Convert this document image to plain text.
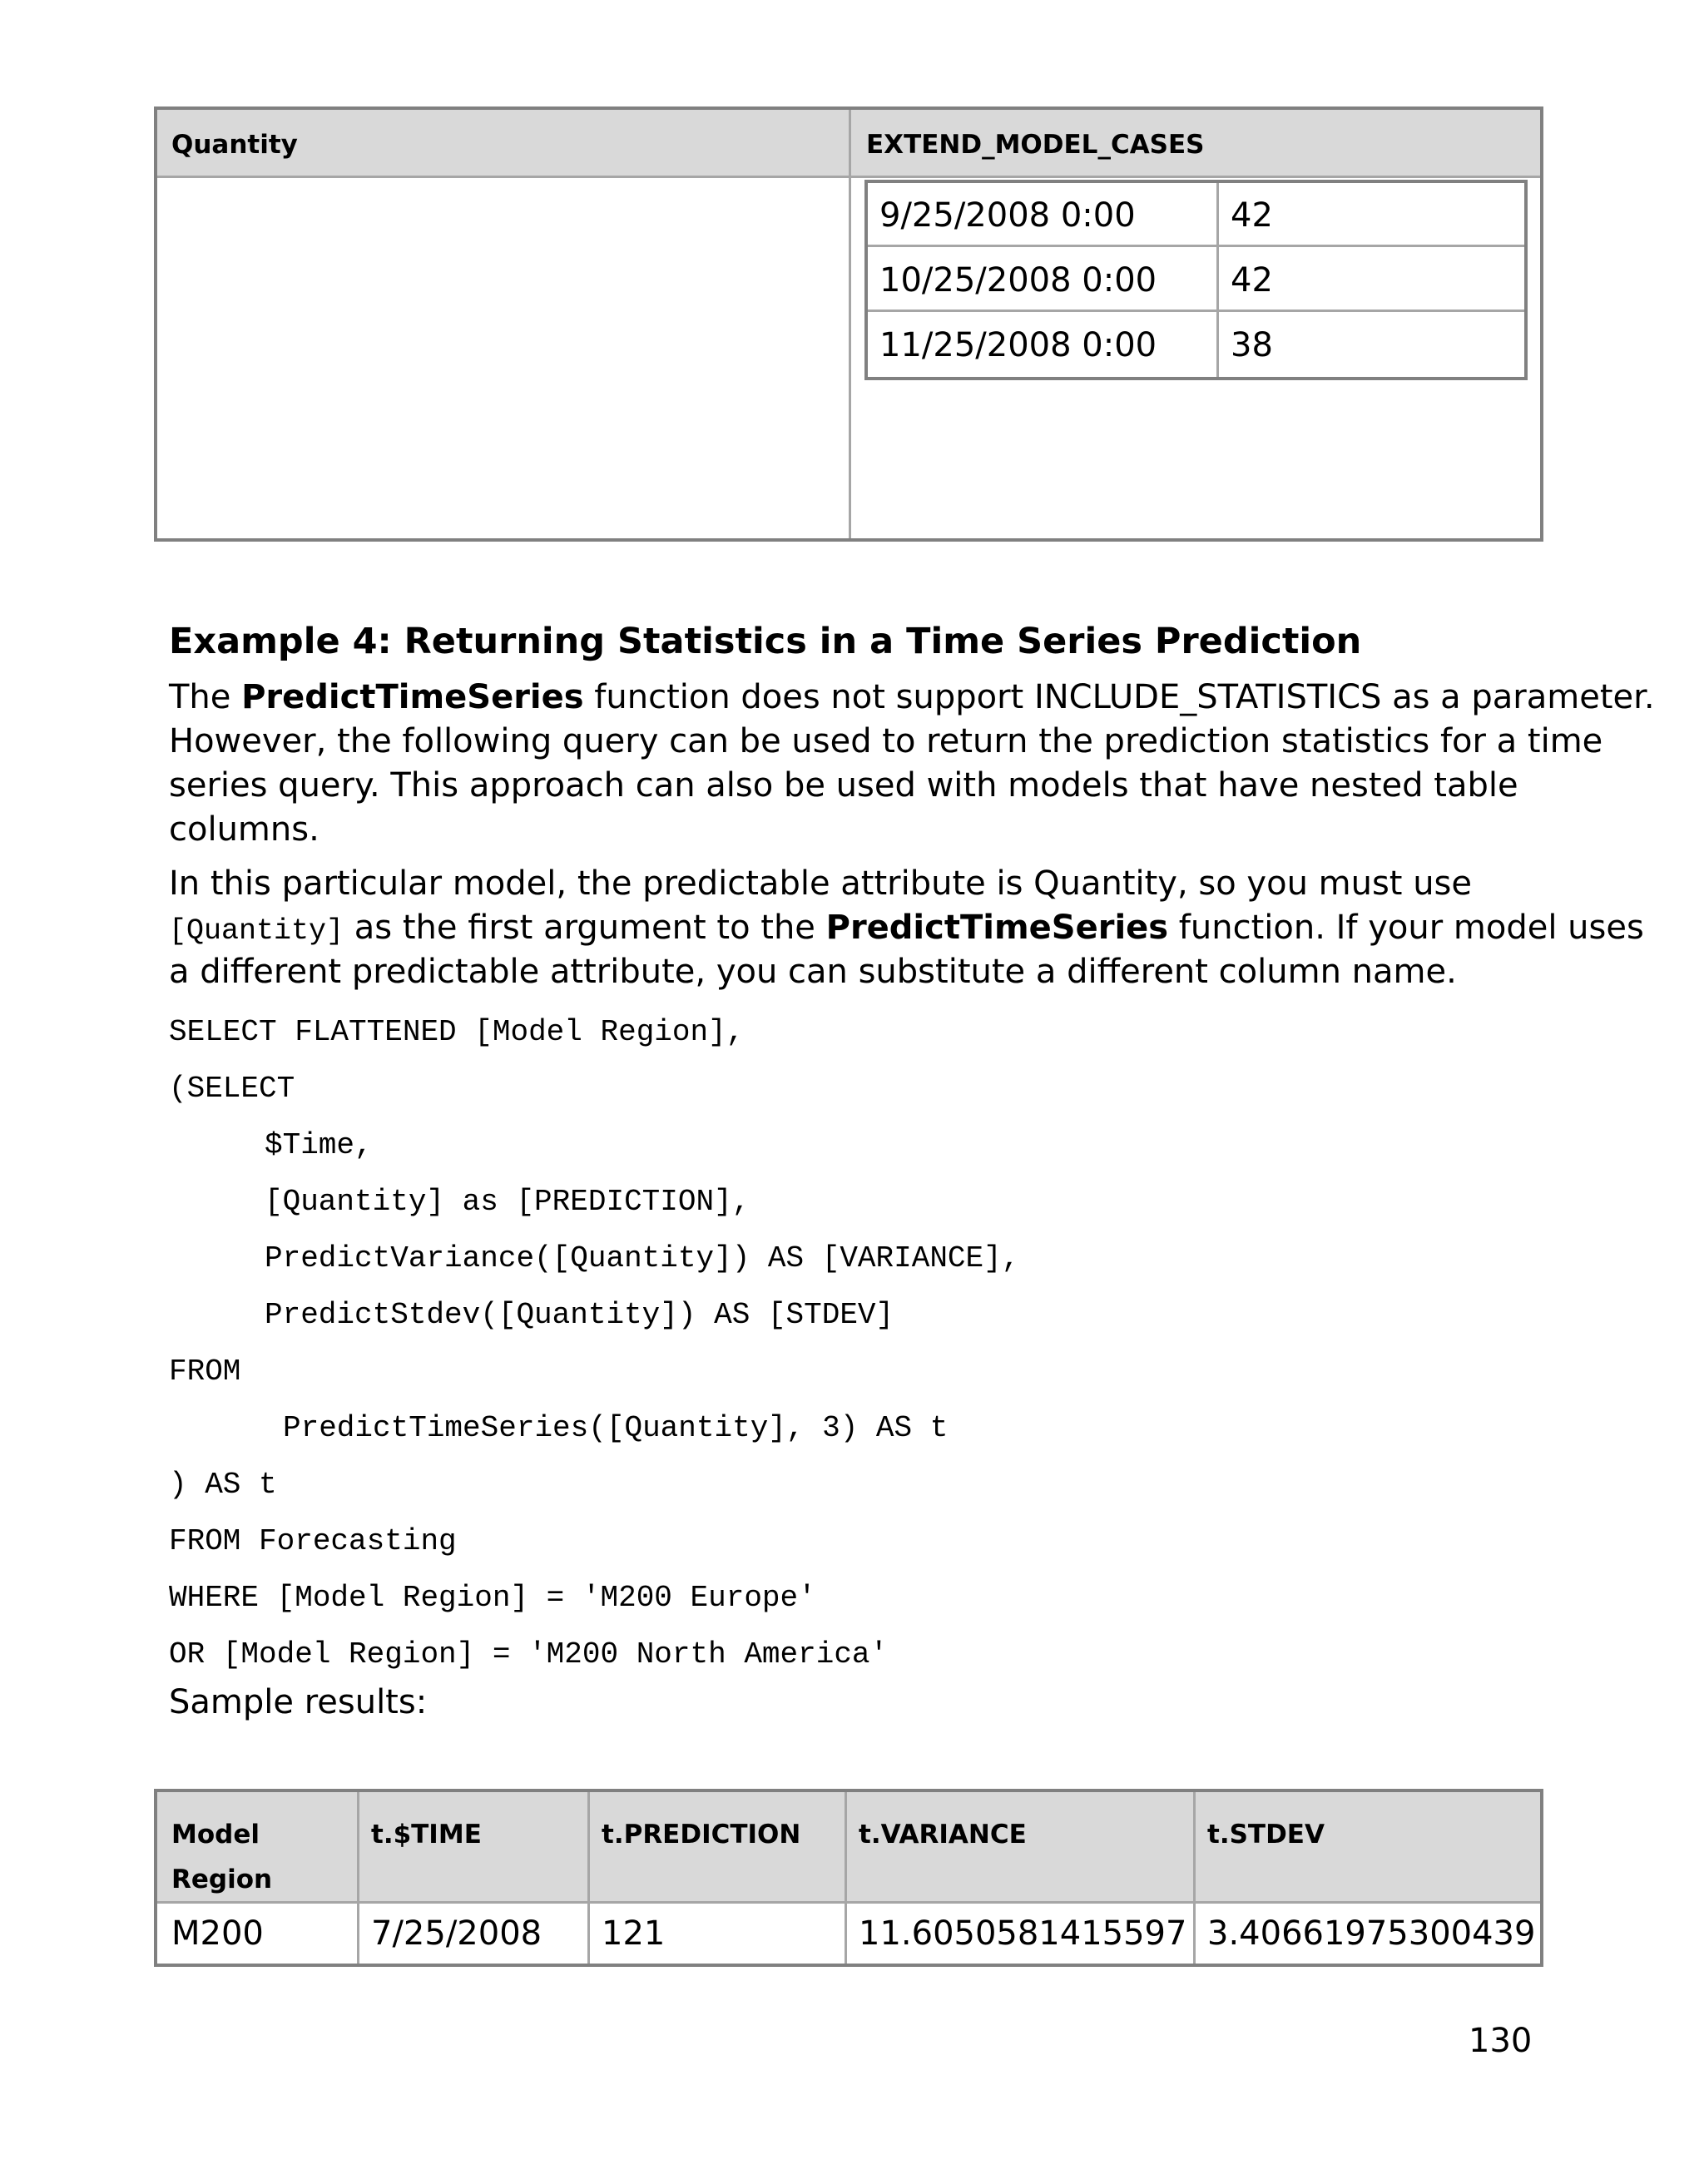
Quantity	EXTEND_MODEL_CASES
9/25/2008 0:00	42
10/25/2008 0:00 42
11/25/2008 0:00 38
Example 4: Returning Statistics in a Time Series Prediction
The PredictTimeSeries function does not support INCLUDE_STATISTICS as a parameter.
However, the following query can be used to return the prediction statistics for a time
series query. This approach can also be used with models that have nested table
columns.
In this particular model, the predictable attribute is Quantity, so you must use
[Quantity] as the first argument to the PredictTimeSeries function. If your model uses
a different predictable attribute, you can substitute a different column name.
SELECT FLATTENED [Model Region],
(SELECT
$Time,
[Quantity] as [PREDICTION],
PredictVariance([Quantity]) AS [VARIANCE],
PredictStdev([Quantity]) AS [STDEV]
FROM
PredictTimeSeries([Quantity], 3) AS t
) AS t
FROM Forecasting
WHERE [Model Region] = 'M200 Europe'
OR [Model Region] = 'M200 North America'
Sample results:
Model
Region
t.$TIME	t.PREDICTION t.VARIANCE	t.STDEV
M200	7/25/2008 121	11.6050581415597 3.40661975300439
130
